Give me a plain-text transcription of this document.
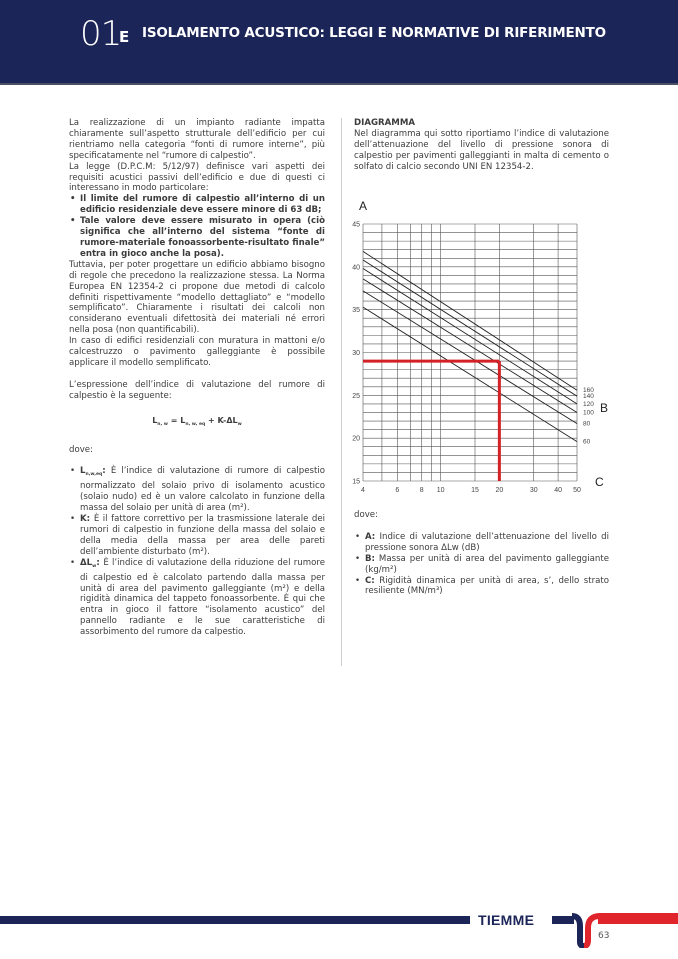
01
E ISOLAMENTO ACUSTICO: LEGGI E NORMATIVE DI RIFERIMENTO

La realizzazione di un impianto radiante impatta chiaramente sull’aspetto strutturale dell’edificio per cui rientriamo nella categoria “fonti di rumore interne”, più specificatamente nel “rumore di calpestio”.

La legge (D.P.C.M: 5/12/97) definisce vari aspetti dei requisiti acustici passivi dell’edificio e due di questi ci interessano in modo particolare:

• Il limite del rumore di calpestio all’interno di un edificio residenziale deve essere minore di 63 dB;
• Tale valore deve essere misurato in opera (ciò significa che all’interno del sistema “fonte di rumore-materiale fonoassorbente-risultato finale” entra in gioco anche la posa).

Tuttavia, per poter progettare un edificio abbiamo bisogno di regole che precedono la realizzazione stessa. La Norma Europea EN 12354-2 ci propone due metodi di calcolo definiti rispettivamente “modello dettagliato” e “modello semplificato”. Chiaramente i risultati dei calcoli non considerano eventuali difettosità dei materiali né errori nella posa (non quantificabili).

In caso di edifici residenziali con muratura in mattoni e/o calcestruzzo o pavimento galleggiante è possibile applicare il modello semplificato.

L’espressione dell’indice di valutazione del rumore di calpestio è la seguente:

$L_{n, w} = L_{n, w, eq} + K-\Delta L_w$

dove:

• $L_{n,w,eq}$: È l’indice di valutazione di rumore di calpestio normalizzato del solaio privo di isolamento acustico (solaio nudo) ed è un valore calcolato in funzione della massa del solaio per unità di area (m²).
• K: È il fattore correttivo per la trasmissione laterale dei rumori di calpestio in funzione della massa del solaio e della media della massa per area delle pareti dell’ambiente disturbato (m²).
• $\Delta L_w$: È l’indice di valutazione della riduzione del rumore di calpestio ed è calcolato partendo dalla massa per unità di area del pavimento galleggiante (m²) e della rigidità dinamica del tappeto fonoassorbente. È qui che entra in gioco il fattore “isolamento acustico” del pannello radiante e le sue caratteristiche di assorbimento del rumore da calpestio.

DIAGRAMMA

Nel diagramma qui sotto riportiamo l’indice di valutazione dell’attenuazione del livello di pressione sonora di calpestio per pavimenti galleggianti in malta di cemento o solfato di calcio secondo UNI EN 12354-2.

160
140
120
100
80
60
15
20
25
30
35
40
45
4	6	8 10	15 20	30 40 50
A
B
C

dove:

• A: Indice di valutazione dell’attenuazione del livello di pressione sonora ΔLw (dB)
• B: Massa per unità di area del pavimento galleggiante (kg/m²)
• C: Rigidità dinamica per unità di area, s’, dello strato resiliente (MN/m³)
TIEMME
63
